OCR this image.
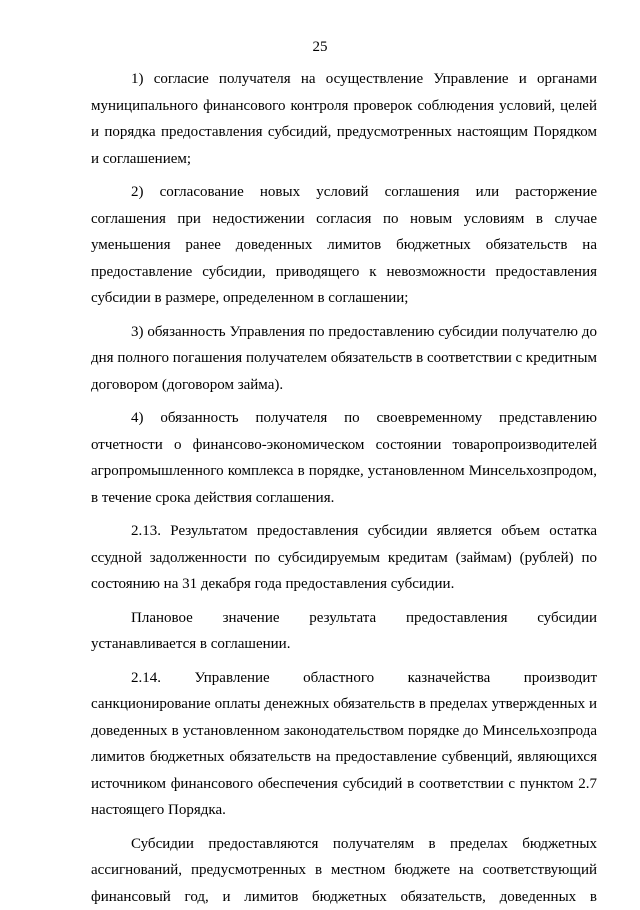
25

1) согласие получателя на осуществление Управление и органами муниципального финансового контроля проверок соблюдения условий, целей и порядка предоставления субсидий, предусмотренных настоящим Порядком и соглашением;

2) согласование новых условий соглашения или расторжение соглашения при недостижении согласия по новым условиям в случае уменьшения ранее доведенных лимитов бюджетных обязательств на предоставление субсидии, приводящего к невозможности предоставления субсидии в размере, определенном в соглашении;

3) обязанность Управления по предоставлению субсидии получателю до дня полного погашения получателем обязательств в соответствии с кредитным договором (договором займа).

4) обязанность получателя по своевременному представлению отчетности о финансово-экономическом состоянии товаропроизводителей агропромышленного комплекса в порядке, установленном Минсельхозпродом, в течение срока действия соглашения.

2.13. Результатом предоставления субсидии является объем остатка ссудной задолженности по субсидируемым кредитам (займам) (рублей) по состоянию на 31 декабря года предоставления субсидии.

Плановое значение результата предоставления субсидии устанавливается в соглашении.

2.14. Управление областного казначейства производит санкционирование оплаты денежных обязательств в пределах утвержденных и доведенных в установленном законодательством порядке до Минсельхозпрода лимитов бюджетных обязательств на предоставление субвенций, являющихся источником финансового обеспечения субсидий в соответствии с пунктом 2.7 настоящего Порядка.

Субсидии предоставляются получателям в пределах бюджетных ассигнований, предусмотренных в местном бюджете на соответствующий финансовый год, и лимитов бюджетных обязательств, доведенных в
